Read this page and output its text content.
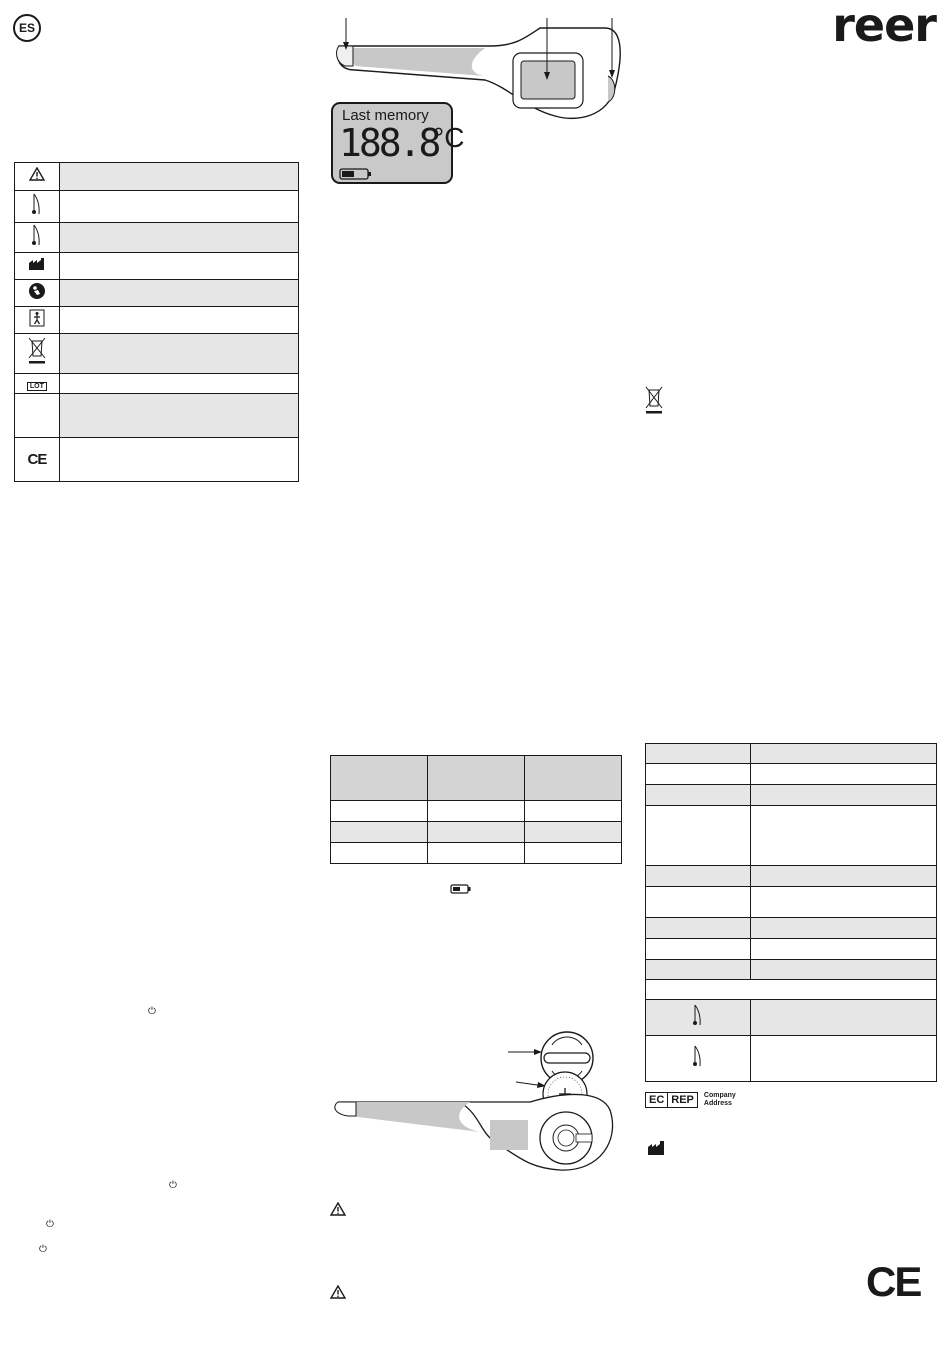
ES	reer

LOT	

CE	
Last memory
188.8
°C

⏻
⏻
⏻
⏻

EC REP	Company
Address
CE
